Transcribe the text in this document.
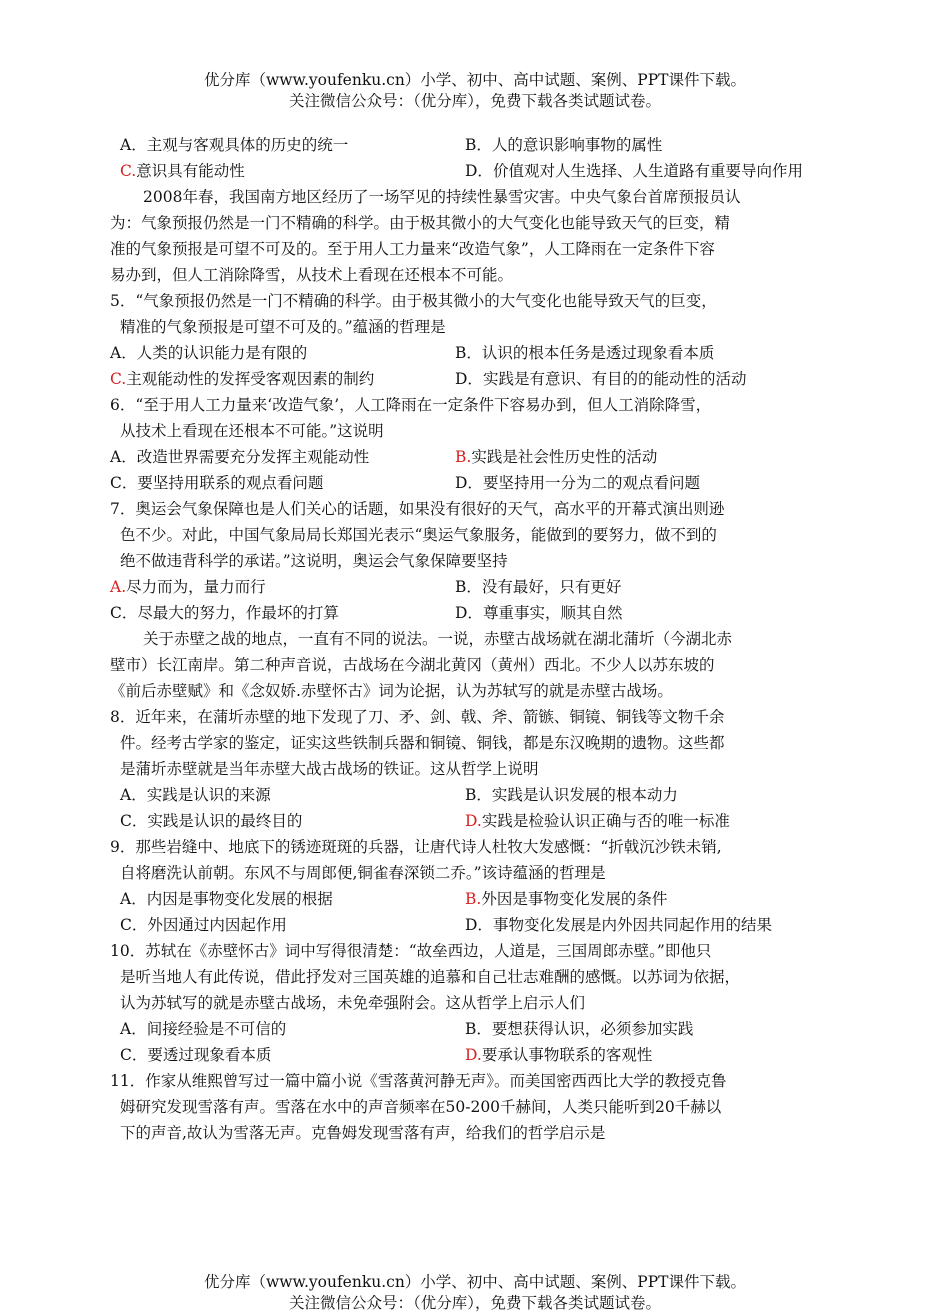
优分库（www.youfenku.cn）小学、初中、高中试题、案例、PPT课件下载。
关注微信公众号：（优分库），免费下载各类试题试卷。
A．主观与客观具体的历史的统一	B．人的意识影响事物的属性
C.意识具有能动性	D．价值观对人生选择、人生道路有重要导向作用
2008年春，我国南方地区经历了一场罕见的持续性暴雪灾害。中央气象台首席预报员认
为：气象预报仍然是一门不精确的科学。由于极其微小的大气变化也能导致天气的巨变，精
准的气象预报是可望不可及的。至于用人工力量来“改造气象”，人工降雨在一定条件下容
易办到，但人工消除降雪，从技术上看现在还根本不可能。
5．“气象预报仍然是一门不精确的科学。由于极其微小的大气变化也能导致天气的巨变，
精准的气象预报是可望不可及的。”蕴涵的哲理是
A．人类的认识能力是有限的	B．认识的根本任务是透过现象看本质
C.主观能动性的发挥受客观因素的制约	D．实践是有意识、有目的的能动性的活动
6．“至于用人工力量来‘改造气象’，人工降雨在一定条件下容易办到，但人工消除降雪，
从技术上看现在还根本不可能。”这说明
A．改造世界需要充分发挥主观能动性	B.实践是社会性历史性的活动
C．要坚持用联系的观点看问题	D．要坚持用一分为二的观点看问题
7．奥运会气象保障也是人们关心的话题，如果没有很好的天气，高水平的开幕式演出则逊
色不少。对此，中国气象局局长郑国光表示“奥运气象服务，能做到的要努力，做不到的
绝不做违背科学的承诺。”这说明，奥运会气象保障要坚持
A.尽力而为，量力而行	B．没有最好，只有更好
C．尽最大的努力，作最坏的打算	D．尊重事实，顺其自然
关于赤壁之战的地点，一直有不同的说法。一说，赤壁古战场就在湖北蒲圻（今湖北赤
壁市）长江南岸。第二种声音说，古战场在今湖北黄冈（黄州）西北。不少人以苏东坡的
《前后赤壁赋》和《念奴娇.赤壁怀古》词为论据，认为苏轼写的就是赤壁古战场。
8．近年来，在蒲圻赤壁的地下发现了刀、矛、剑、戟、斧、箭镞、铜镜、铜钱等文物千余
件。经考古学家的鉴定，证实这些铁制兵器和铜镜、铜钱，都是东汉晚期的遗物。这些都
是蒲圻赤壁就是当年赤壁大战古战场的铁证。这从哲学上说明
A．实践是认识的来源	B．实践是认识发展的根本动力
C．实践是认识的最终目的	D.实践是检验认识正确与否的唯一标准
9．那些岩缝中、地底下的锈迹斑斑的兵器，让唐代诗人杜牧大发感慨：“折戟沉沙铁未销,
自将磨洗认前朝。东风不与周郎便,铜雀春深锁二乔。”该诗蕴涵的哲理是
A．内因是事物变化发展的根据	B.外因是事物变化发展的条件
C．外因通过内因起作用	D．事物变化发展是内外因共同起作用的结果
10．苏轼在《赤壁怀古》词中写得很清楚：“故垒西边，人道是，三国周郎赤壁。”即他只
是听当地人有此传说，借此抒发对三国英雄的追慕和自己壮志难酬的感慨。以苏词为依据，
认为苏轼写的就是赤壁古战场，未免牵强附会。这从哲学上启示人们
A．间接经验是不可信的	B．要想获得认识，必须参加实践
C．要透过现象看本质	D.要承认事物联系的客观性
11．作家从维熙曾写过一篇中篇小说《雪落黄河静无声》。而美国密西西比大学的教授克鲁
姆研究发现雪落有声。雪落在水中的声音频率在50-200千赫间，人类只能听到20千赫以
下的声音,故认为雪落无声。克鲁姆发现雪落有声，给我们的哲学启示是
优分库（www.youfenku.cn）小学、初中、高中试题、案例、PPT课件下载。
关注微信公众号：（优分库），免费下载各类试题试卷。
